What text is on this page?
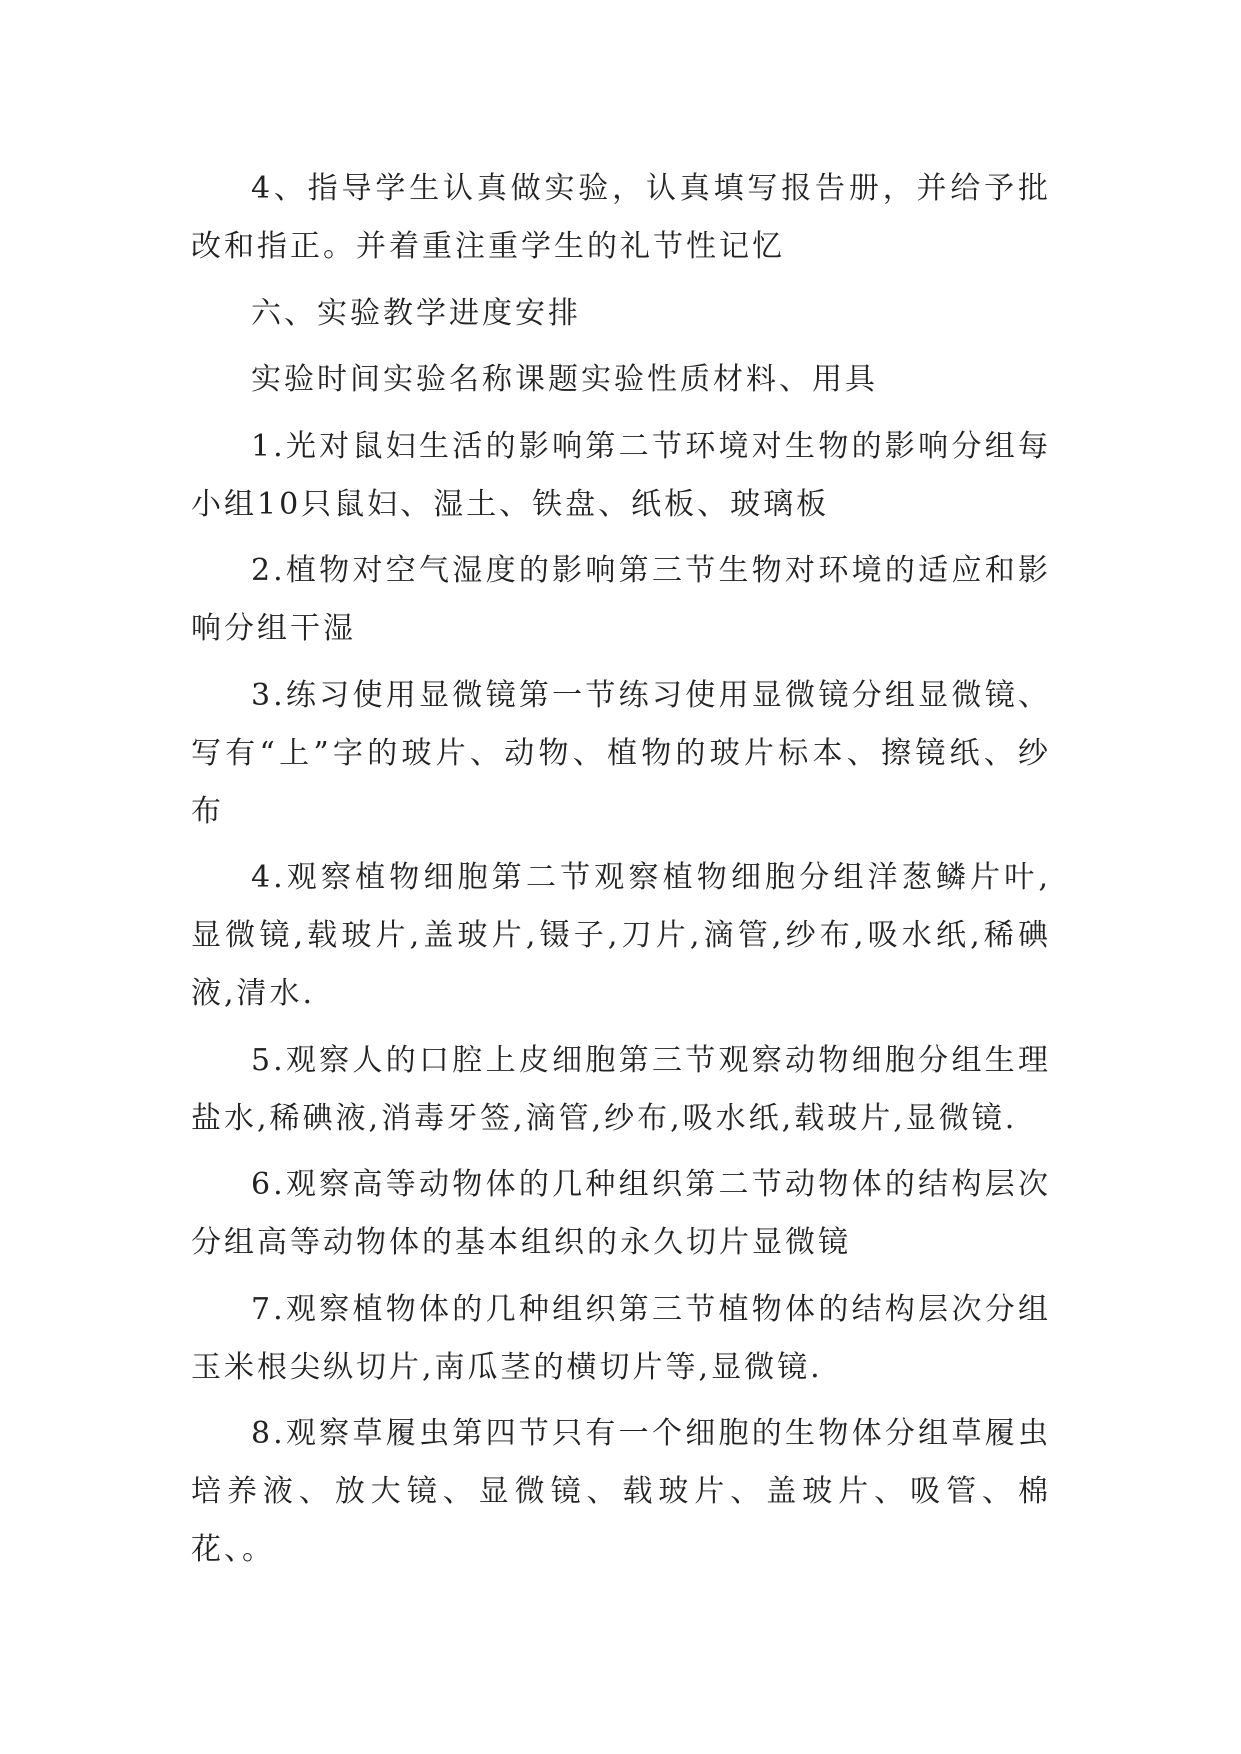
4、指导学生认真做实验，认真填写报告册，并给予批改和指正。并着重注重学生的礼节性记忆

六、实验教学进度安排

实验时间实验名称课题实验性质材料、用具

1.光对鼠妇生活的影响第二节环境对生物的影响分组每小组10只鼠妇、湿土、铁盘、纸板、玻璃板

2.植物对空气湿度的影响第三节生物对环境的适应和影响分组干湿

3.练习使用显微镜第一节练习使用显微镜分组显微镜、写有“上”字的玻片、动物、植物的玻片标本、擦镜纸、纱布

4.观察植物细胞第二节观察植物细胞分组洋葱鳞片叶,显微镜,载玻片,盖玻片,镊子,刀片,滴管,纱布,吸水纸,稀碘液,清水.

5.观察人的口腔上皮细胞第三节观察动物细胞分组生理盐水,稀碘液,消毒牙签,滴管,纱布,吸水纸,载玻片,显微镜.

6.观察高等动物体的几种组织第二节动物体的结构层次分组高等动物体的基本组织的永久切片显微镜

7.观察植物体的几种组织第三节植物体的结构层次分组玉米根尖纵切片,南瓜茎的横切片等,显微镜.

8.观察草履虫第四节只有一个细胞的生物体分组草履虫培养液、放大镜、显微镜、载玻片、盖玻片、吸管、棉花、。
